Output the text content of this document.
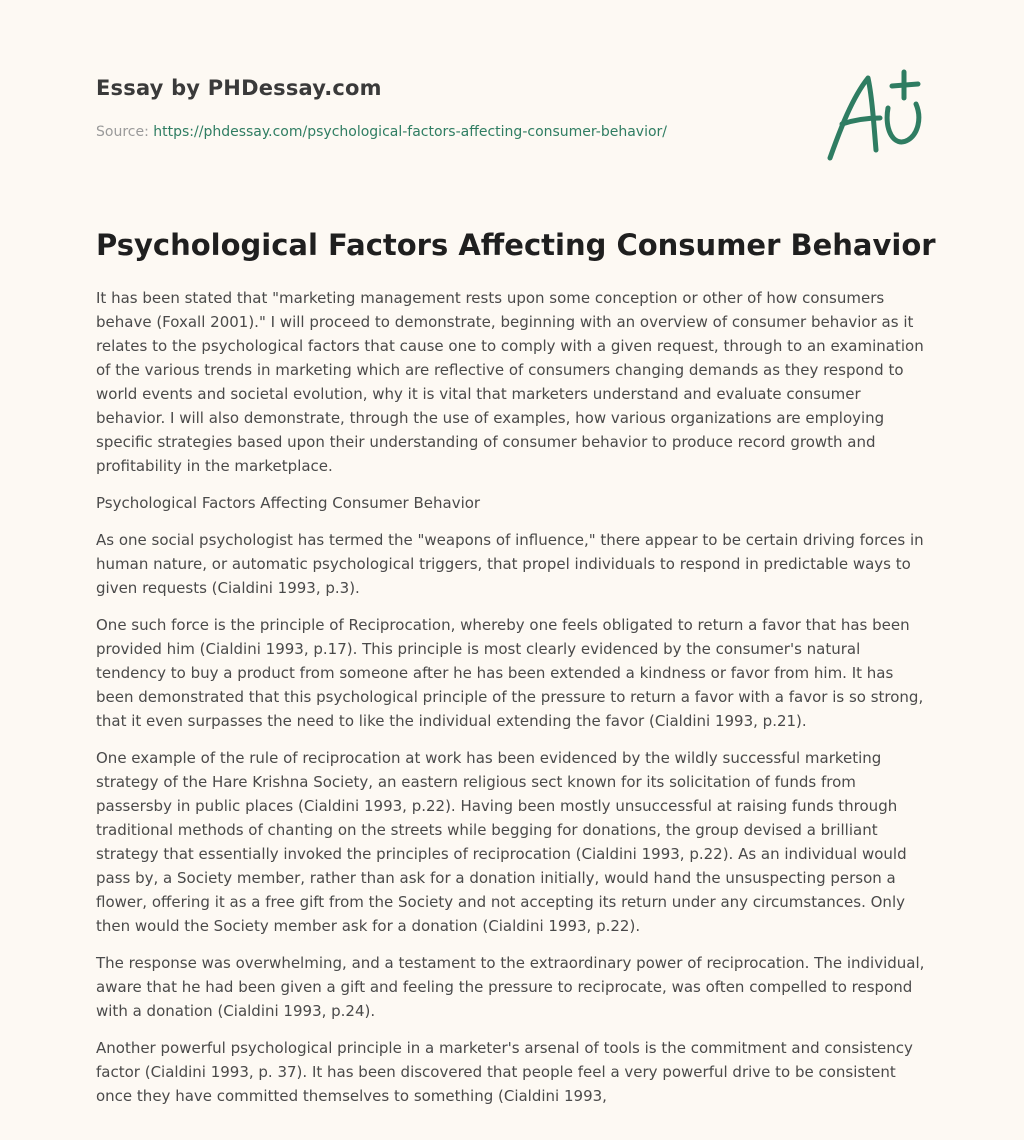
Essay by PHDessay.com
Source: https://phdessay.com/psychological-factors-affecting-consumer-behavior/
Psychological Factors Affecting Consumer Behavior

It has been stated that "marketing management rests upon some conception or other of how consumers behave (Foxall 2001)." I will proceed to demonstrate, beginning with an overview of consumer behavior as it relates to the psychological factors that cause one to comply with a given request, through to an examination of the various trends in marketing which are reflective of consumers changing demands as they respond to world events and societal evolution, why it is vital that marketers understand and evaluate consumer behavior. I will also demonstrate, through the use of examples, how various organizations are employing specific strategies based upon their understanding of consumer behavior to produce record growth and profitability in the marketplace.

Psychological Factors Affecting Consumer Behavior

As one social psychologist has termed the "weapons of influence," there appear to be certain driving forces in human nature, or automatic psychological triggers, that propel individuals to respond in predictable ways to given requests (Cialdini 1993, p.3).

One such force is the principle of Reciprocation, whereby one feels obligated to return a favor that has been provided him (Cialdini 1993, p.17). This principle is most clearly evidenced by the consumer's natural tendency to buy a product from someone after he has been extended a kindness or favor from him. It has been demonstrated that this psychological principle of the pressure to return a favor with a favor is so strong, that it even surpasses the need to like the individual extending the favor (Cialdini 1993, p.21).

One example of the rule of reciprocation at work has been evidenced by the wildly successful marketing strategy of the Hare Krishna Society, an eastern religious sect known for its solicitation of funds from passersby in public places (Cialdini 1993, p.22). Having been mostly unsuccessful at raising funds through traditional methods of chanting on the streets while begging for donations, the group devised a brilliant strategy that essentially invoked the principles of reciprocation (Cialdini 1993, p.22). As an individual would pass by, a Society member, rather than ask for a donation initially, would hand the unsuspecting person a flower, offering it as a free gift from the Society and not accepting its return under any circumstances. Only then would the Society member ask for a donation (Cialdini 1993, p.22).

The response was overwhelming, and a testament to the extraordinary power of reciprocation. The individual, aware that he had been given a gift and feeling the pressure to reciprocate, was often compelled to respond with a donation (Cialdini 1993, p.24).

Another powerful psychological principle in a marketer's arsenal of tools is the commitment and consistency factor (Cialdini 1993, p. 37). It has been discovered that people feel a very powerful drive to be consistent once they have committed themselves to something (Cialdini 1993,
